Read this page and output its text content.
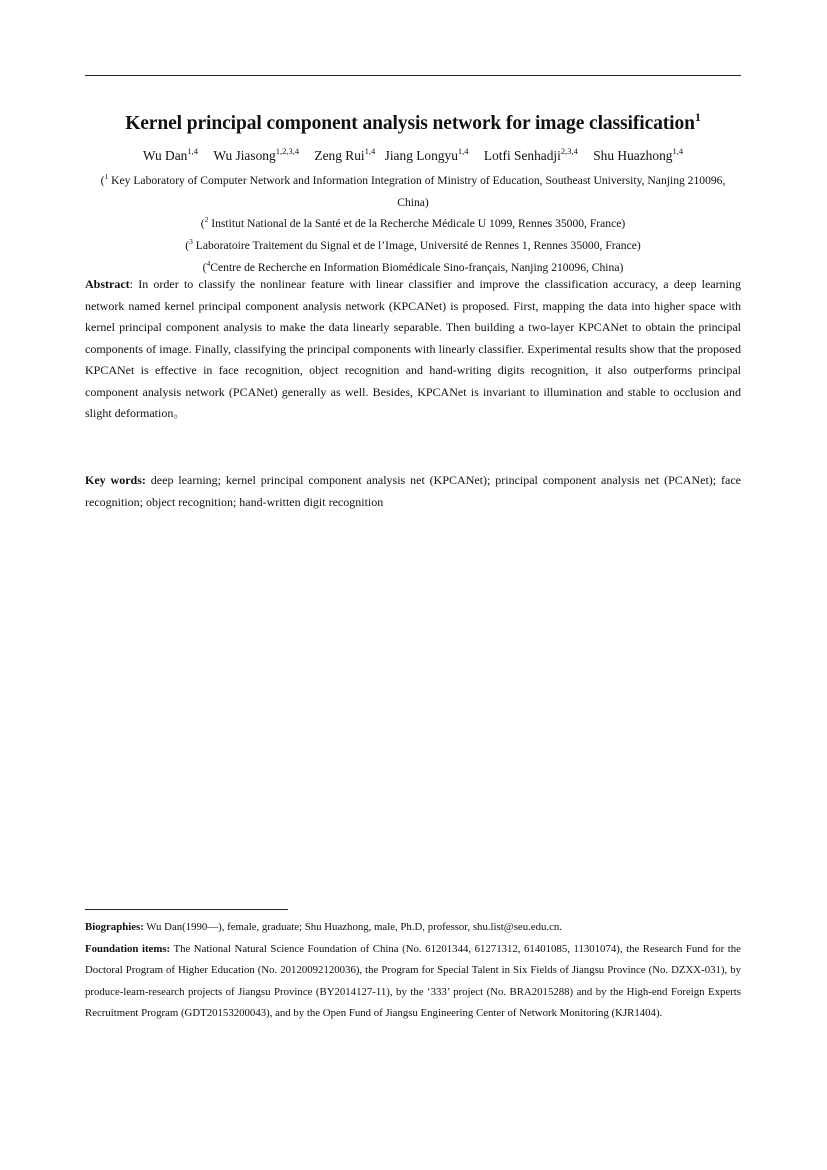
Kernel principal component analysis network for image classification$^1$
Wu Dan$^{1,4}$ Wu Jiasong$^{1,2,3,4}$ Zeng Rui$^{1,4}$ Jiang Longyu$^{1,4}$ Lotfi Senhadji$^{2,3,4}$ Shu Huazhong$^{1,4}$
($^1$ Key Laboratory of Computer Network and Information Integration of Ministry of Education, Southeast University, Nanjing 210096, China)
($^2$ Institut National de la Santé et de la Recherche Médicale U 1099, Rennes 35000, France)
($^3$ Laboratoire Traitement du Signal et de l’Image, Université de Rennes 1, Rennes 35000, France)
($^4$Centre de Recherche en Information Biomédicale Sino-français, Nanjing 210096, China)
Abstract: In order to classify the nonlinear feature with linear classifier and improve the classification accuracy, a deep learning network named kernel principal component analysis network (KPCANet) is proposed. First, mapping the data into higher space with kernel principal component analysis to make the data linearly separable. Then building a two-layer KPCANet to obtain the principal components of image. Finally, classifying the principal components with linearly classifier. Experimental results show that the proposed KPCANet is effective in face recognition, object recognition and hand-writing digits recognition, it also outperforms principal component analysis network (PCANet) generally as well. Besides, KPCANet is invariant to illumination and stable to occlusion and slight deformation。
Key words: deep learning; kernel principal component analysis net (KPCANet); principal component analysis net (PCANet); face recognition; object recognition; hand-written digit recognition

Biographies: Wu Dan(1990—), female, graduate; Shu Huazhong, male, Ph.D, professor, shu.list@seu.edu.cn.

Foundation items: The National Natural Science Foundation of China (No. 61201344, 61271312, 61401085, 11301074), the Research Fund for the Doctoral Program of Higher Education (No. 20120092120036), the Program for Special Talent in Six Fields of Jiangsu Province (No. DZXX-031), by produce-learn-research projects of Jiangsu Province (BY2014127-11), by the ‘333’ project (No. BRA2015288) and by the High-end Foreign Experts Recruitment Program (GDT20153200043), and by the Open Fund of Jiangsu Engineering Center of Network Monitoring (KJR1404).
